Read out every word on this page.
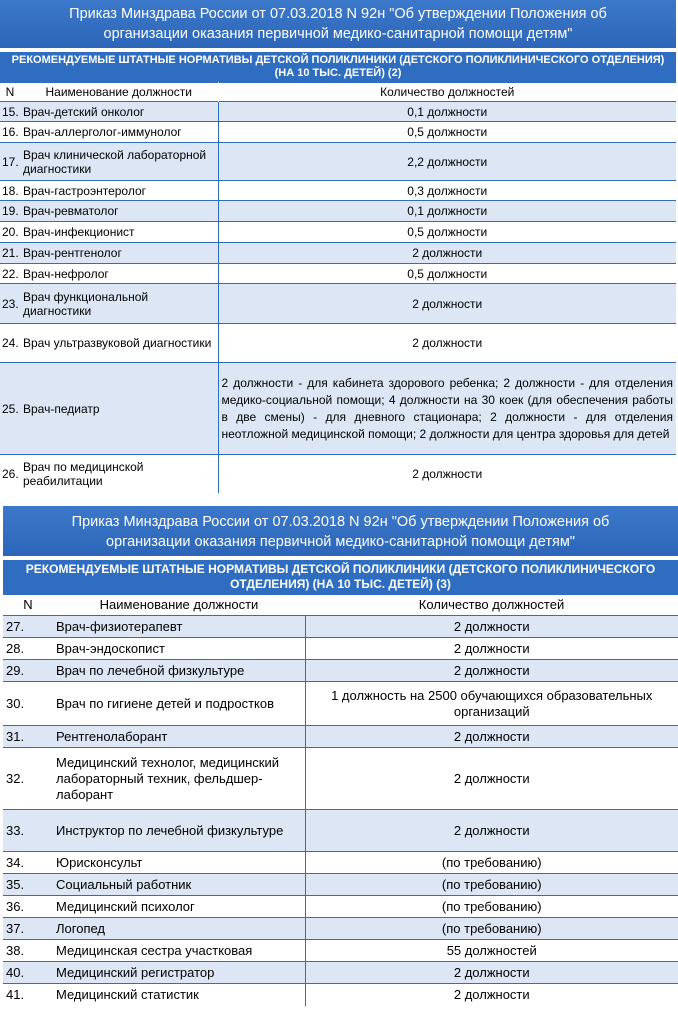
Приказ Минздрава России от 07.03.2018 N 92н "Об утверждении Положения об
организации оказания первичной медико-санитарной помощи детям"
РЕКОМЕНДУЕМЫЕ ШТАТНЫЕ НОРМАТИВЫ ДЕТСКОЙ ПОЛИКЛИНИКИ (ДЕТСКОГО ПОЛИКЛИНИЧЕСКОГО ОТДЕЛЕНИЯ)
(НА 10 ТЫС. ДЕТЕЙ) (2)
N	Наименование должности	Количество должностей
15.	Врач-детский онколог	0,1 должности
16.	Врач-аллерголог-иммунолог	0,5 должности
17.	Врач клинической лабораторной диагностики	2,2 должности
18.	Врач-гастроэнтеролог	0,3 должности
19.	Врач-ревматолог	0,1 должности
20.	Врач-инфекционист	0,5 должности
21.	Врач-рентгенолог	2 должности
22.	Врач-нефролог	0,5 должности
23.	Врач функциональной диагностики	2 должности
24.	Врач ультразвуковой диагностики	2 должности
25.	Врач-педиатр	2 должности - для кабинета здорового ребенка; 2 должности - для отделения медико-социальной помощи; 4 должности на 30 коек (для обеспечения работы в две смены) - для дневного стационара; 2 должности - для отделения неотложной медицинской помощи; 2 должности для центра здоровья для детей
26.	Врач по медицинской реабилитации	2 должности
Приказ Минздрава России от 07.03.2018 N 92н "Об утверждении Положения об
организации оказания первичной медико-санитарной помощи детям"
РЕКОМЕНДУЕМЫЕ ШТАТНЫЕ НОРМАТИВЫ ДЕТСКОЙ ПОЛИКЛИНИКИ (ДЕТСКОГО ПОЛИКЛИНИЧЕСКОГО
ОТДЕЛЕНИЯ) (НА 10 ТЫС. ДЕТЕЙ) (3)
N	Наименование должности	Количество должностей
27.	Врач-физиотерапевт	2 должности
28.	Врач-эндоскопист	2 должности
29.	Врач по лечебной физкультуре	2 должности
30.	Врач по гигиене детей и подростков	1 должность на 2500 обучающихся образовательных организаций
31.	Рентгенолаборант	2 должности
32.	Медицинский технолог, медицинский лабораторный техник, фельдшер-лаборант	2 должности
33.	Инструктор по лечебной физкультуре	2 должности
34.	Юрисконсульт	(по требованию)
35.	Социальный работник	(по требованию)
36.	Медицинский психолог	(по требованию)
37.	Логопед	(по требованию)
38.	Медицинская сестра участковая	55 должностей
40.	Медицинский регистратор	2 должности
41.	Медицинский статистик	2 должности
